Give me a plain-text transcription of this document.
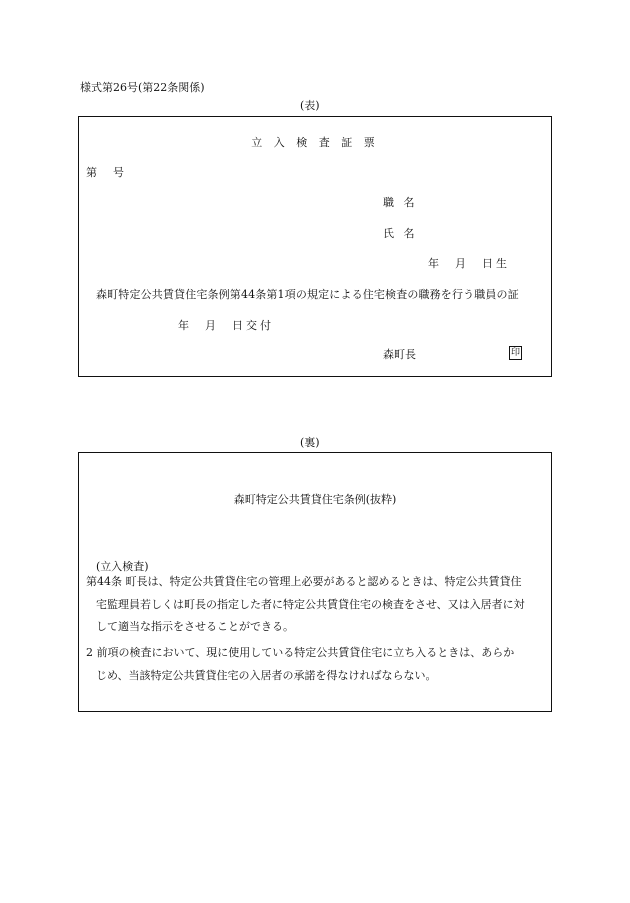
様式第26号(第22条関係)
(表)
立 入 検 査 証 票
第  号
職 名
氏 名
年  月  日生
森町特定公共賃貸住宅条例第44条第1項の規定による住宅検査の職務を行う職員の証
年  月  日交付
森町長	印
(裏)
森町特定公共賃貸住宅条例(抜粋)
(立入検査)
第44条 町長は、特定公共賃貸住宅の管理上必要があると認めるときは、特定公共賃貸住
宅監理員若しくは町長の指定した者に特定公共賃貸住宅の検査をさせ、又は入居者に対
して適当な指示をさせることができる。
2 前項の検査において、現に使用している特定公共賃貸住宅に立ち入るときは、あらか
じめ、当該特定公共賃貸住宅の入居者の承諾を得なければならない。
